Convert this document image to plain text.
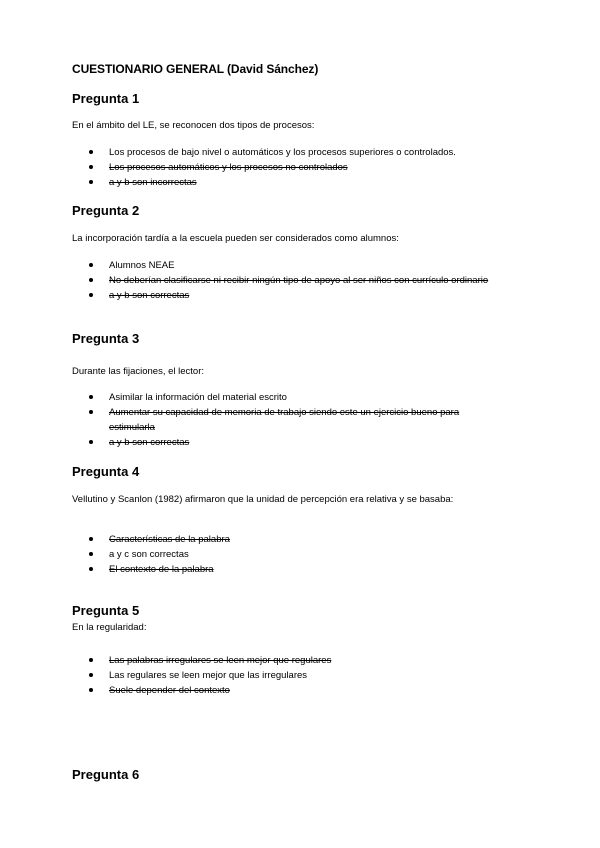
CUESTIONARIO GENERAL (David Sánchez)
Pregunta 1
En el ámbito del LE, se reconocen dos tipos de procesos:
Los procesos de bajo nivel o automáticos y los procesos superiores o controlados.
Los procesos automáticos y los procesos no controlados
a y b son incorrectas
Pregunta 2
La incorporación tardía a la escuela pueden ser considerados como alumnos:
Alumnos NEAE
No deberían clasificarse ni recibir ningún tipo de apoyo al ser niños con currículo ordinario
a y b son correctas
Pregunta 3
Durante las fijaciones, el lector:
Asimilar la información del material escrito
Aumentar su capacidad de memoria de trabajo siendo este un ejercicio bueno para estimularla
a y b son correctas
Pregunta 4
Vellutino y Scanlon (1982) afirmaron que la unidad de percepción era relativa y se basaba:
Características de la palabra
a y c son correctas
El contexto de la palabra
Pregunta 5
En la regularidad:
Las palabras irregulares se leen mejor que regulares
Las regulares se leen mejor que las irregulares
Suele depender del contexto
Pregunta 6
